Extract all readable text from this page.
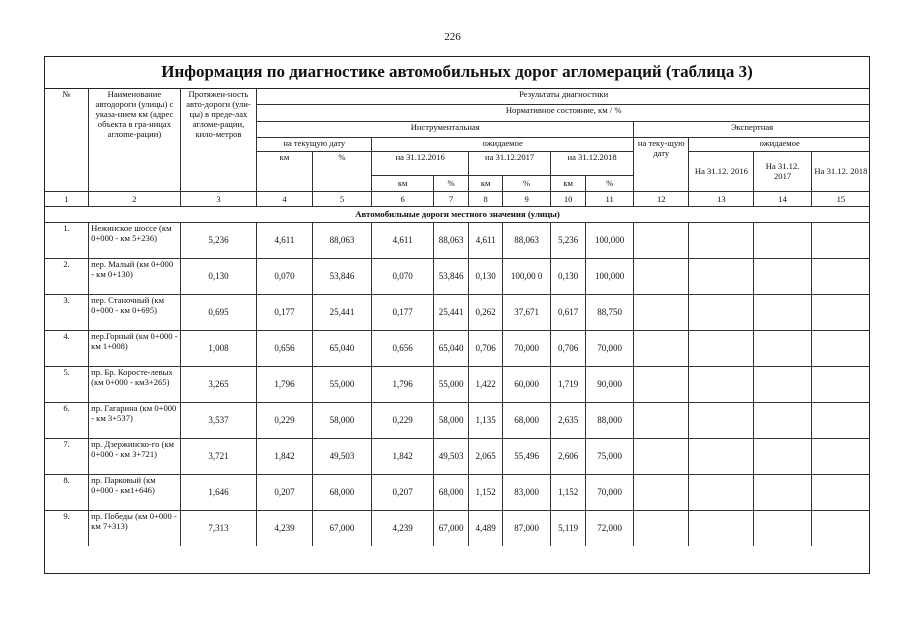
226
Информация по диагностике автомобильных дорог агломераций (таблица 3)
№	Наименование автодороги (улицы) с указа-нием км (адрес объекта в гра-ницах аглome-рации)	Протяжен-ность авто-дороги (ули-цы) в преде-лах агломе-рации, кило-метров	Результаты диагностики											
			Нормативное состояние, км / %											
			Инструментальная								Экспертная			
			на текущую дату		ожидаемое						на теку-щую дату	ожидаемое		
			км	%	на 31.12.2016		на 31.12.2017		на 31.12.2018			На 31.12. 2016	На 31.12. 2017	На 31.12. 2018
					км	%	км	%	км	%				
1	2	3	4	5	6	7	8	9	10	11	12	13	14	15
Автомобильные дороги местного значения (улицы)														
1.	Нежинское шоссе (км 0+000 - км 5+236)	5,236	4,611	88,063	4,611	88,063	4,611	88,063	5,236	100,000				
2.	пер. Малый (км 0+000 - км 0+130)	0,130	0,070	53,846	0,070	53,846	0,130	100,00 0	0,130	100,000				
3.	пер. Станочный (км 0+000 - км 0+695)	0,695	0,177	25,441	0,177	25,441	0,262	37,671	0,617	88,750				
4.	пер.Горный (км 0+000 - км 1+008)	1,008	0,656	65,040	0,656	65,040	0,706	70,000	0,706	70,000				
5.	пр. Бр. Коросте-левых (км 0+000 - км3+265)	3,265	1,796	55,000	1,796	55,000	1,422	60,000	1,719	90,000				
6.	пр. Гагарина (км 0+000 - км 3+537)	3,537	0,229	58,000	0,229	58,000	1,135	68,000	2,635	88,000				
7.	пр. Дзержинско-го (км 0+000 - км 3+721)	3,721	1,842	49,503	1,842	49,503	2,065	55,496	2,606	75,000				
8.	пр. Парковый (км 0+000 - км1+646)	1,646	0,207	68,000	0,207	68,000	1,152	83,000	1,152	70,000				
9.	пр. Победы (км 0+000 - км 7+313)	7,313	4,239	67,000	4,239	67,000	4,489	87,000	5,119	72,000				
